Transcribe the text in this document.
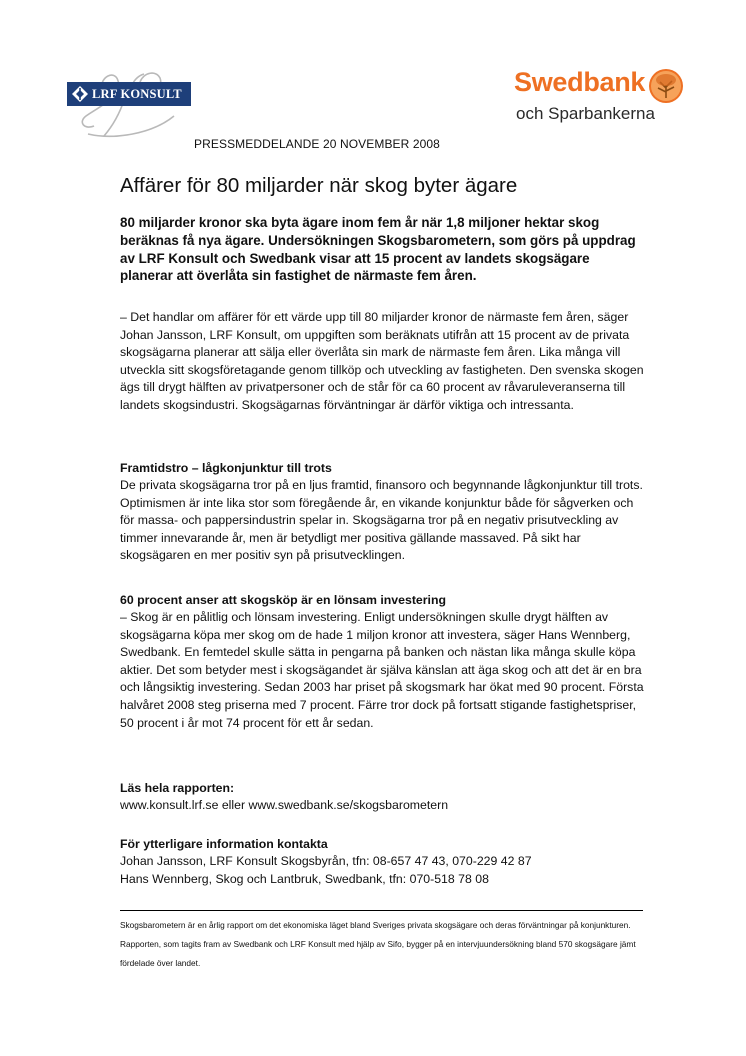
LRF KONSULT	Swedbank
och Sparbankerna
PRESSMEDDELANDE 20 NOVEMBER 2008
Affärer för 80 miljarder när skog byter ägare

80 miljarder kronor ska byta ägare inom fem år när 1,8 miljoner hektar skog beräknas få nya ägare. Undersökningen Skogsbarometern, som görs på uppdrag av LRF Konsult och Swedbank visar att 15 procent av landets skogsägare planerar att överlåta sin fastighet de närmaste fem åren.

– Det handlar om affärer för ett värde upp till 80 miljarder kronor de närmaste fem åren, säger Johan Jansson, LRF Konsult, om uppgiften som beräknats utifrån att 15 procent av de privata skogsägarna planerar att sälja eller överlåta sin mark de närmaste fem åren. Lika många vill utveckla sitt skogsföretagande genom tillköp och utveckling av fastigheten. Den svenska skogen ägs till drygt hälften av privatpersoner och de står för ca 60 procent av råvaruleveranserna till landets skogsindustri. Skogsägarnas förväntningar är därför viktiga och intressanta.

Framtidstro – lågkonjunktur till trots

De privata skogsägarna tror på en ljus framtid, finansoro och begynnande lågkonjunktur till trots. Optimismen är inte lika stor som föregående år, en vikande konjunktur både för sågverken och för massa- och pappersindustrin spelar in. Skogsägarna tror på en negativ prisutveckling av timmer innevarande år, men är betydligt mer positiva gällande massaved. På sikt har skogsägaren en mer positiv syn på prisutvecklingen.

60 procent anser att skogsköp är en lönsam investering

– Skog är en pålitlig och lönsam investering. Enligt undersökningen skulle drygt hälften av skogsägarna köpa mer skog om de hade 1 miljon kronor att investera, säger Hans Wennberg, Swedbank. En femtedel skulle sätta in pengarna på banken och nästan lika många skulle köpa aktier. Det som betyder mest i skogsägandet är själva känslan att äga skog och att det är en bra och långsiktig investering. Sedan 2003 har priset på skogsmark har ökat med 90 procent. Första halvåret 2008 steg priserna med 7 procent. Färre tror dock på fortsatt stigande fastighetspriser, 50 procent i år mot 74 procent för ett år sedan.

Läs hela rapporten:

www.konsult.lrf.se eller www.swedbank.se/skogsbarometern

För ytterligare information kontakta
Johan Jansson, LRF Konsult Skogsbyrån, tfn: 08-657 47 43, 070-229 42 87
Hans Wennberg, Skog och Lantbruk, Swedbank, tfn: 070-518 78 08

Skogsbarometern är en årlig rapport om det ekonomiska läget bland Sveriges privata skogsägare och deras förväntningar på konjunkturen. Rapporten, som tagits fram av Swedbank och LRF Konsult med hjälp av Sifo, bygger på en intervjuundersökning bland 570 skogsägare jämt fördelade över landet.
